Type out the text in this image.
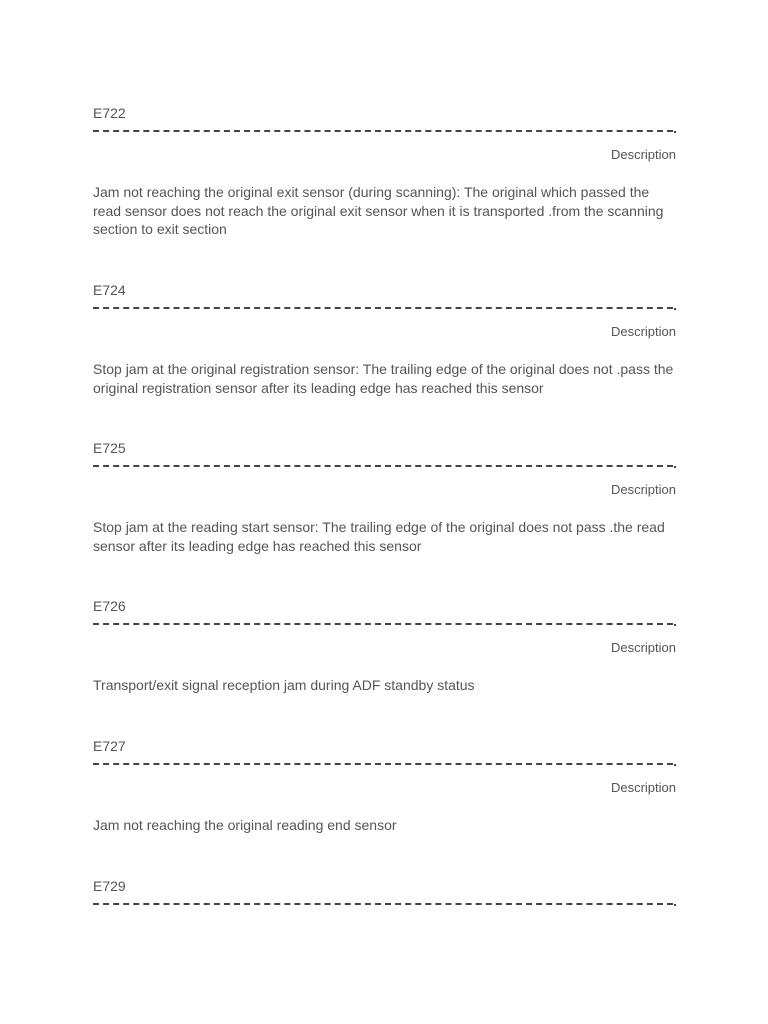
E722
Description
Jam not reaching the original exit sensor (during scanning): The original which passed the read sensor does not reach the original exit sensor when it is transported .from the scanning section to exit section
E724
Description
Stop jam at the original registration sensor: The trailing edge of the original does not .pass the original registration sensor after its leading edge has reached this sensor
E725
Description
Stop jam at the reading start sensor: The trailing edge of the original does not pass .the read sensor after its leading edge has reached this sensor
E726
Description
Transport/exit signal reception jam during ADF standby status
E727
Description
Jam not reaching the original reading end sensor
E729
